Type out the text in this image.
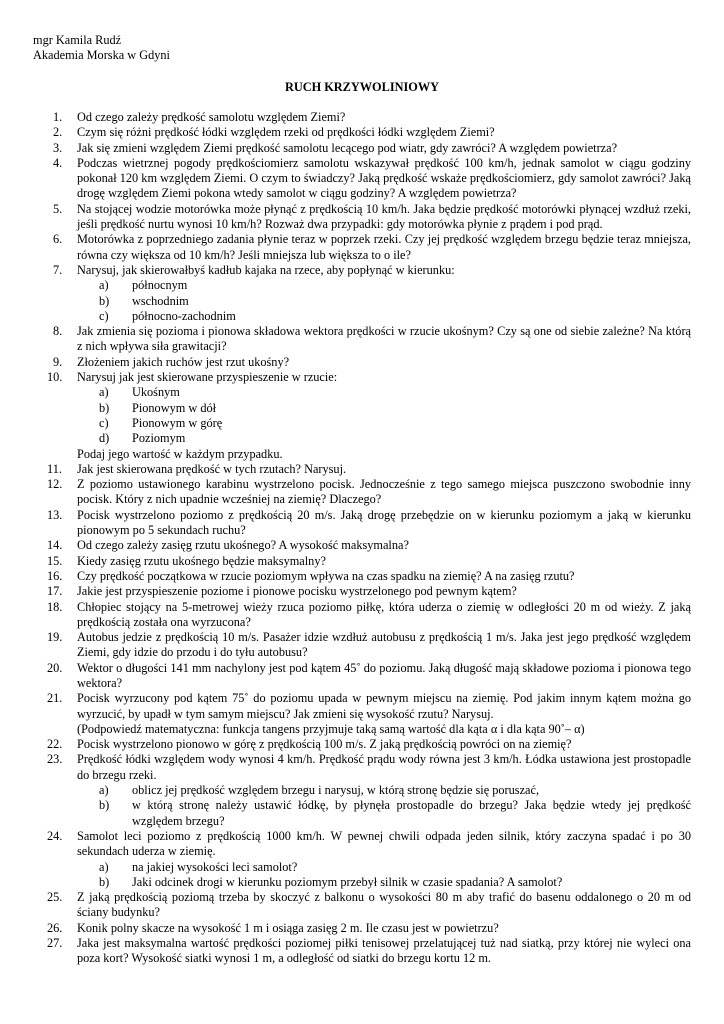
mgr Kamila Rudź
Akademia Morska w Gdyni
RUCH KRZYWOLINIOWY
1.	Od czego zależy prędkość samolotu względem Ziemi?
2.	Czym się różni prędkość łódki względem rzeki od prędkości łódki względem Ziemi?
3.	Jak się zmieni względem Ziemi prędkość samolotu lecącego pod wiatr, gdy zawróci? A względem powietrza?
4.	Podczas wietrznej pogody prędkościomierz samolotu wskazywał prędkość 100 km/h, jednak samolot w ciągu godziny pokonał 120 km względem Ziemi. O czym to świadczy? Jaką prędkość wskaże prędkościomierz, gdy samolot zawróci? Jaką drogę względem Ziemi pokona wtedy samolot w ciągu godziny? A względem powietrza?
5.	Na stojącej wodzie motorówka może płynąć z prędkością 10 km/h. Jaka będzie prędkość motorówki płynącej wzdłuż rzeki, jeśli prędkość nurtu wynosi 10 km/h? Rozważ dwa przypadki: gdy motorówka płynie z prądem i pod prąd.
6.	Motorówka z poprzedniego zadania płynie teraz w poprzek rzeki. Czy jej prędkość względem brzegu będzie teraz mniejsza, równa czy większa od 10 km/h? Jeśli mniejsza lub większa to o ile?
7.	Narysuj, jak skierowałbyś kadłub kajaka na rzece, aby popłynąć w kierunku:
a) północnym
b) wschodnim
c) północno-zachodnim
8.	Jak zmienia się pozioma i pionowa składowa wektora prędkości w rzucie ukośnym? Czy są one od siebie zależne? Na którą z nich wpływa siła grawitacji?
9.	Złożeniem jakich ruchów jest rzut ukośny?
10.	Narysuj jak jest skierowane przyspieszenie w rzucie:
a) Ukośnym
b) Pionowym w dół
c) Pionowym w górę
d) Poziomym
Podaj jego wartość w każdym przypadku.
11.	Jak jest skierowana prędkość w tych rzutach? Narysuj.
12.	Z poziomo ustawionego karabinu wystrzelono pocisk. Jednocześnie z tego samego miejsca puszczono swobodnie inny pocisk. Który z nich upadnie wcześniej na ziemię? Dlaczego?
13.	Pocisk wystrzelono poziomo z prędkością 20 m/s. Jaką drogę przebędzie on w kierunku poziomym a jaką w kierunku pionowym po 5 sekundach ruchu?
14.	Od czego zależy zasięg rzutu ukośnego? A wysokość maksymalna?
15.	Kiedy zasięg rzutu ukośnego będzie maksymalny?
16.	Czy prędkość początkowa w rzucie poziomym wpływa na czas spadku na ziemię? A na zasięg rzutu?
17.	Jakie jest przyspieszenie poziome i pionowe pocisku wystrzelonego pod pewnym kątem?
18.	Chłopiec stojący na 5-metrowej wieży rzuca poziomo piłkę, która uderza o ziemię w odległości 20 m od wieży. Z jaką prędkością została ona wyrzucona?
19.	Autobus jedzie z prędkością 10 m/s. Pasażer idzie wzdłuż autobusu z prędkością 1 m/s. Jaka jest jego prędkość względem Ziemi, gdy idzie do przodu i do tyłu autobusu?
20.	Wektor o długości 141 mm nachylony jest pod kątem 45˚ do poziomu. Jaką długość mają składowe pozioma i pionowa tego wektora?
21.	Pocisk wyrzucony pod kątem 75˚ do poziomu upada w pewnym miejscu na ziemię. Pod jakim innym kątem można go wyrzucić, by upadł w tym samym miejscu? Jak zmieni się wysokość rzutu? Narysuj.
(Podpowiedź matematyczna: funkcja tangens przyjmuje taką samą wartość dla kąta α i dla kąta 90˚– α)
22.	Pocisk wystrzelono pionowo w górę z prędkością 100 m/s. Z jaką prędkością powróci on na ziemię?
23.	Prędkość łódki względem wody wynosi 4 km/h. Prędkość prądu wody równa jest 3 km/h. Łódka ustawiona jest prostopadle do brzegu rzeki.
a) oblicz jej prędkość względem brzegu i narysuj, w którą stronę będzie się poruszać,
b) w którą stronę należy ustawić łódkę, by płynęła prostopadle do brzegu? Jaka będzie wtedy jej prędkość względem brzegu?
24.	Samolot leci poziomo z prędkością 1000 km/h. W pewnej chwili odpada jeden silnik, który zaczyna spadać i po 30 sekundach uderza w ziemię.
a) na jakiej wysokości leci samolot?
b) Jaki odcinek drogi w kierunku poziomym przebył silnik w czasie spadania? A samolot?
25.	Z jaką prędkością poziomą trzeba by skoczyć z balkonu o wysokości 80 m aby trafić do basenu oddalonego o 20 m od ściany budynku?
26.	Konik polny skacze na wysokość 1 m i osiąga zasięg 2 m. Ile czasu jest w powietrzu?
27.	Jaka jest maksymalna wartość prędkości poziomej piłki tenisowej przelatującej tuż nad siatką, przy której nie wyleci ona poza kort? Wysokość siatki wynosi 1 m, a odległość od siatki do brzegu kortu 12 m.
